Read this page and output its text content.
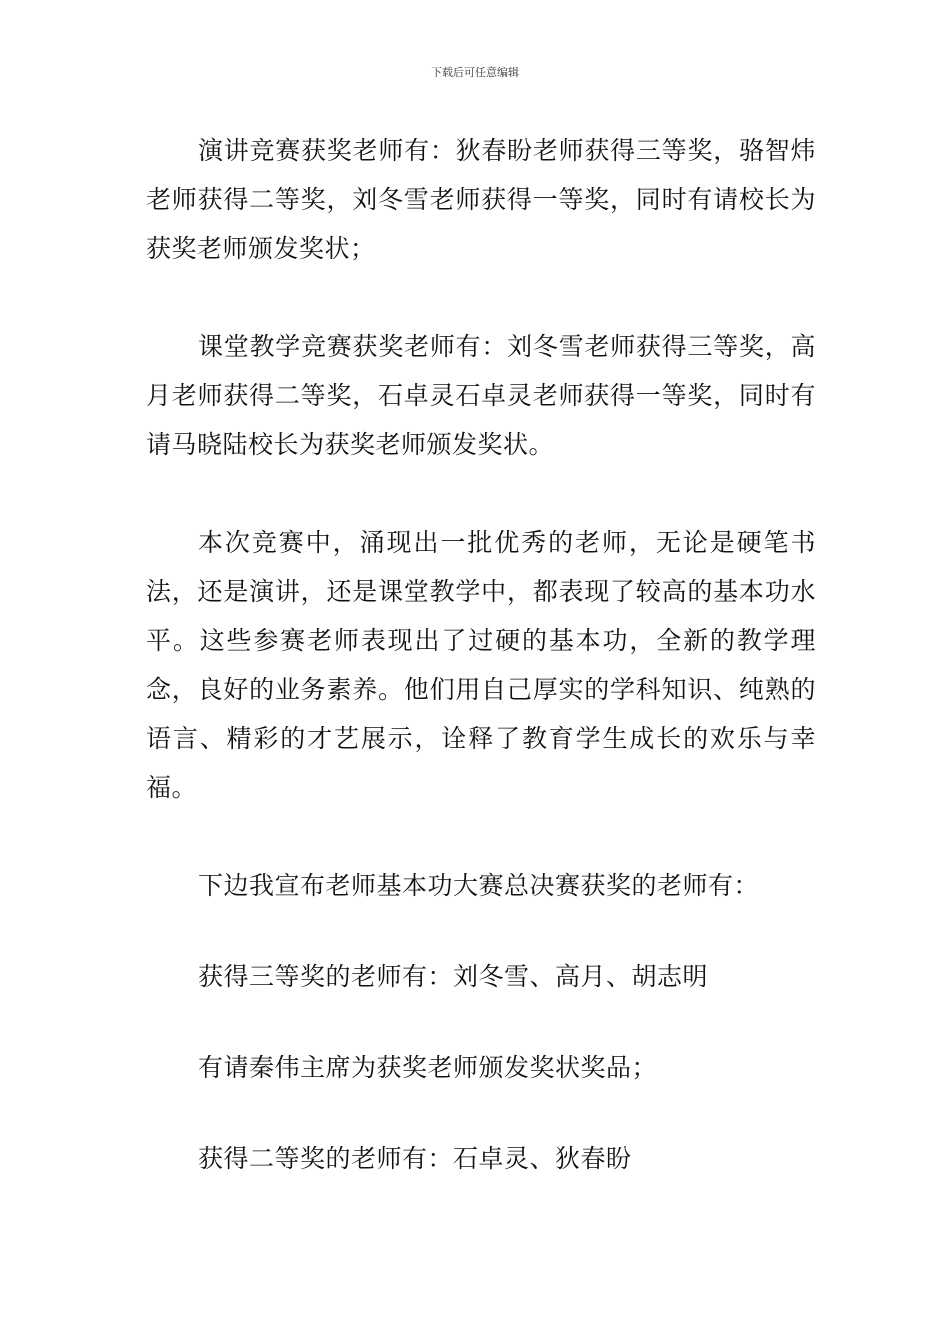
下载后可任意编辑

演讲竞赛获奖老师有：狄春盼老师获得三等奖，骆智炜老师获得二等奖，刘冬雪老师获得一等奖，同时有请校长为获奖老师颁发奖状；

课堂教学竞赛获奖老师有：刘冬雪老师获得三等奖，高月老师获得二等奖，石卓灵石卓灵老师获得一等奖，同时有请马晓陆校长为获奖老师颁发奖状。

本次竞赛中，涌现出一批优秀的老师，无论是硬笔书法，还是演讲，还是课堂教学中，都表现了较高的基本功水平。这些参赛老师表现出了过硬的基本功，全新的教学理念，良好的业务素养。他们用自己厚实的学科知识、纯熟的语言、精彩的才艺展示，诠释了教育学生成长的欢乐与幸福。

下边我宣布老师基本功大赛总决赛获奖的老师有：

获得三等奖的老师有：刘冬雪、高月、胡志明

有请秦伟主席为获奖老师颁发奖状奖品；

获得二等奖的老师有：石卓灵、狄春盼
